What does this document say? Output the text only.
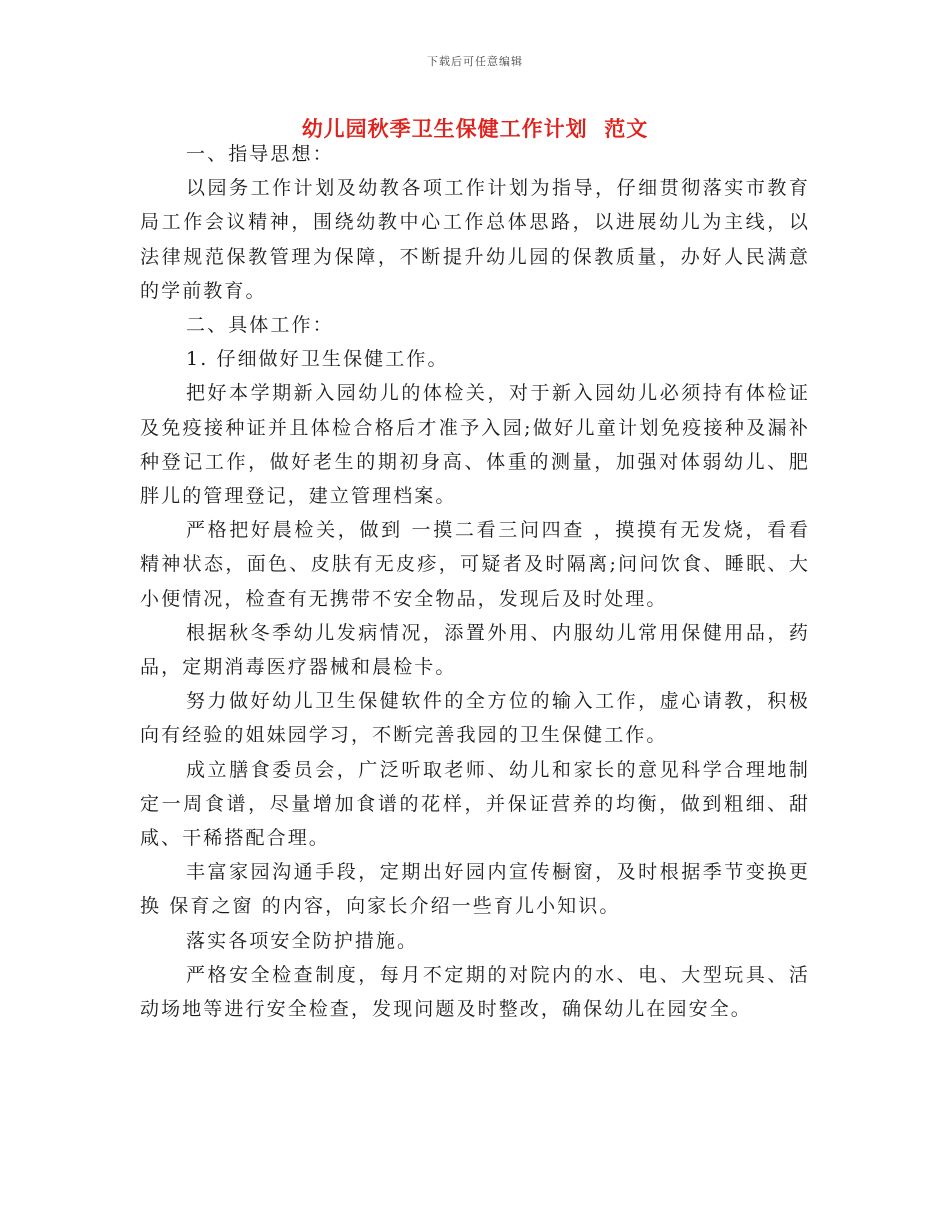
下载后可任意编辑
幼儿园秋季卫生保健工作计划  范文

一、指导思想：

以园务工作计划及幼教各项工作计划为指导，仔细贯彻落实市教育局工作会议精神，围绕幼教中心工作总体思路，以进展幼儿为主线，以法律规范保教管理为保障，不断提升幼儿园的保教质量，办好人民满意的学前教育。

二、具体工作：

1. 仔细做好卫生保健工作。

把好本学期新入园幼儿的体检关，对于新入园幼儿必须持有体检证及免疫接种证并且体检合格后才准予入园;做好儿童计划免疫接种及漏补种登记工作，做好老生的期初身高、体重的测量，加强对体弱幼儿、肥胖儿的管理登记，建立管理档案。

严格把好晨检关，做到 一摸二看三问四查 ，摸摸有无发烧，看看精神状态，面色、皮肤有无皮疹，可疑者及时隔离;问问饮食、睡眠、大小便情况，检查有无携带不安全物品，发现后及时处理。

根据秋冬季幼儿发病情况，添置外用、内服幼儿常用保健用品，药品，定期消毒医疗器械和晨检卡。

努力做好幼儿卫生保健软件的全方位的输入工作，虚心请教，积极向有经验的姐妹园学习，不断完善我园的卫生保健工作。

成立膳食委员会，广泛听取老师、幼儿和家长的意见科学合理地制定一周食谱，尽量增加食谱的花样，并保证营养的均衡，做到粗细、甜咸、干稀搭配合理。

丰富家园沟通手段，定期出好园内宣传橱窗，及时根据季节变换更换 保育之窗 的内容，向家长介绍一些育儿小知识。

落实各项安全防护措施。

严格安全检查制度，每月不定期的对院内的水、电、大型玩具、活动场地等进行安全检查，发现问题及时整改，确保幼儿在园安全。
